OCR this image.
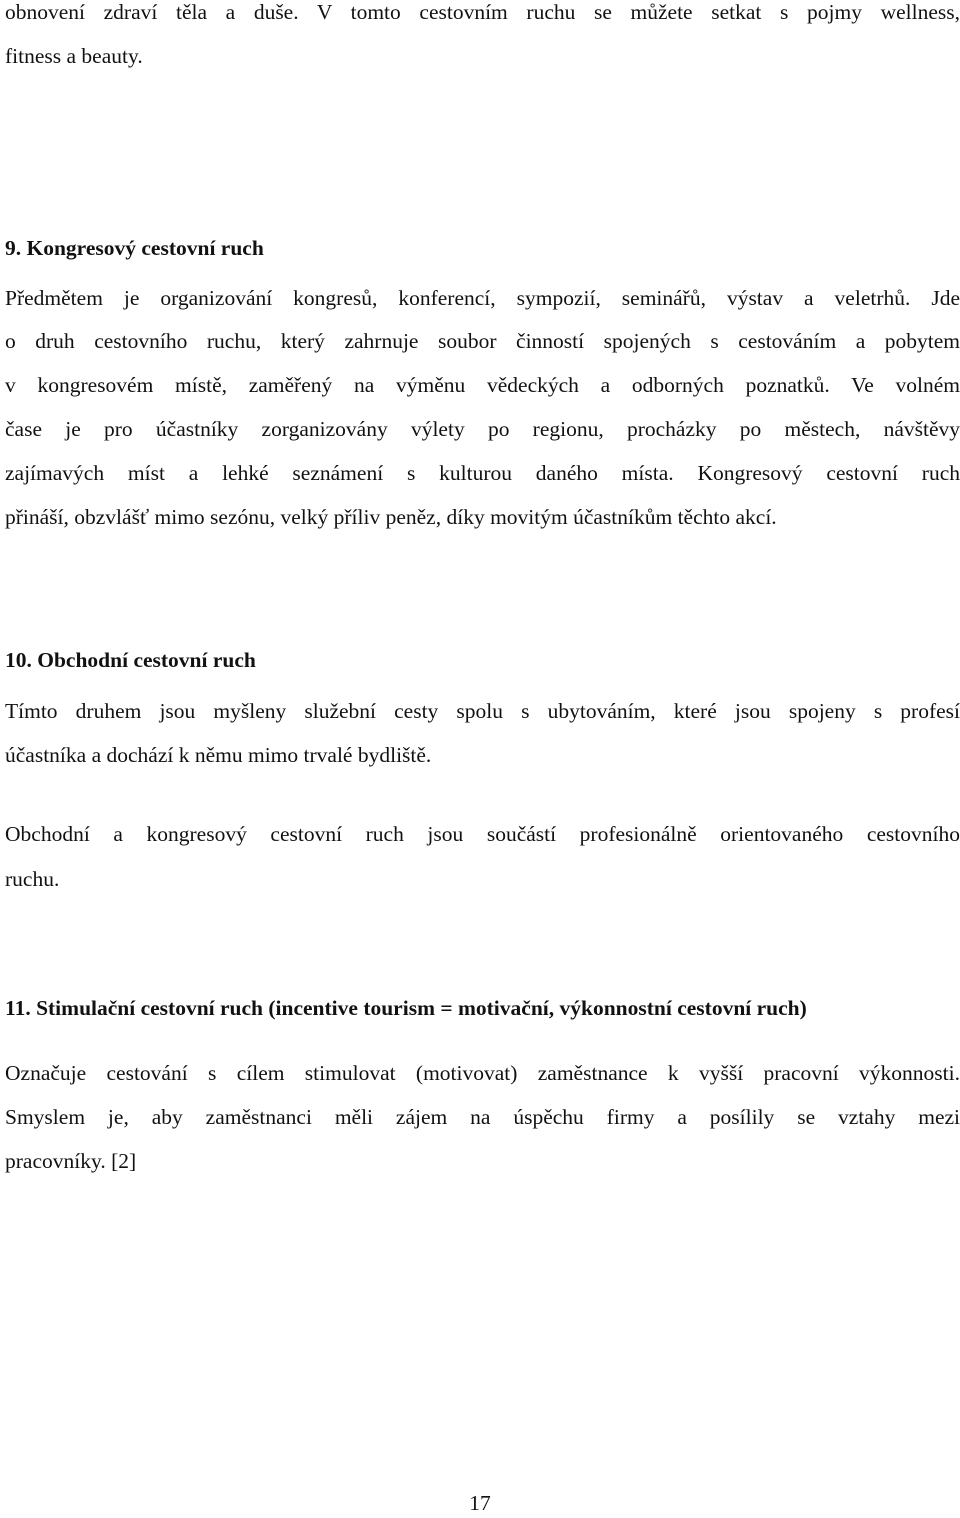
obnovení zdraví těla a duše. V tomto cestovním ruchu se můžete setkat s pojmy wellness,
fitness a beauty.
9. Kongresový cestovní ruch
Předmětem je organizování kongresů, konferencí, sympozií, seminářů, výstav a veletrhů. Jde
o druh cestovního ruchu, který zahrnuje soubor činností spojených s cestováním a pobytem
v kongresovém místě, zaměřený na výměnu vědeckých a odborných poznatků. Ve volném
čase je pro účastníky zorganizovány výlety po regionu, procházky po městech, návštěvy
zajímavých míst a lehké seznámení s kulturou daného místa. Kongresový cestovní ruch
přináší, obzvlášť mimo sezónu, velký příliv peněz, díky movitým účastníkům těchto akcí.
10. Obchodní cestovní ruch
Tímto druhem jsou myšleny služební cesty spolu s ubytováním, které jsou spojeny s profesí
účastníka a dochází k němu mimo trvalé bydliště.
Obchodní a kongresový cestovní ruch jsou součástí profesionálně orientovaného cestovního
ruchu.
11. Stimulační cestovní ruch (incentive tourism = motivační, výkonnostní cestovní ruch)
Označuje cestování s cílem stimulovat (motivovat) zaměstnance k vyšší pracovní výkonnosti.
Smyslem je, aby zaměstnanci měli zájem na úspěchu firmy a posílily se vztahy mezi
pracovníky. [2]
17
